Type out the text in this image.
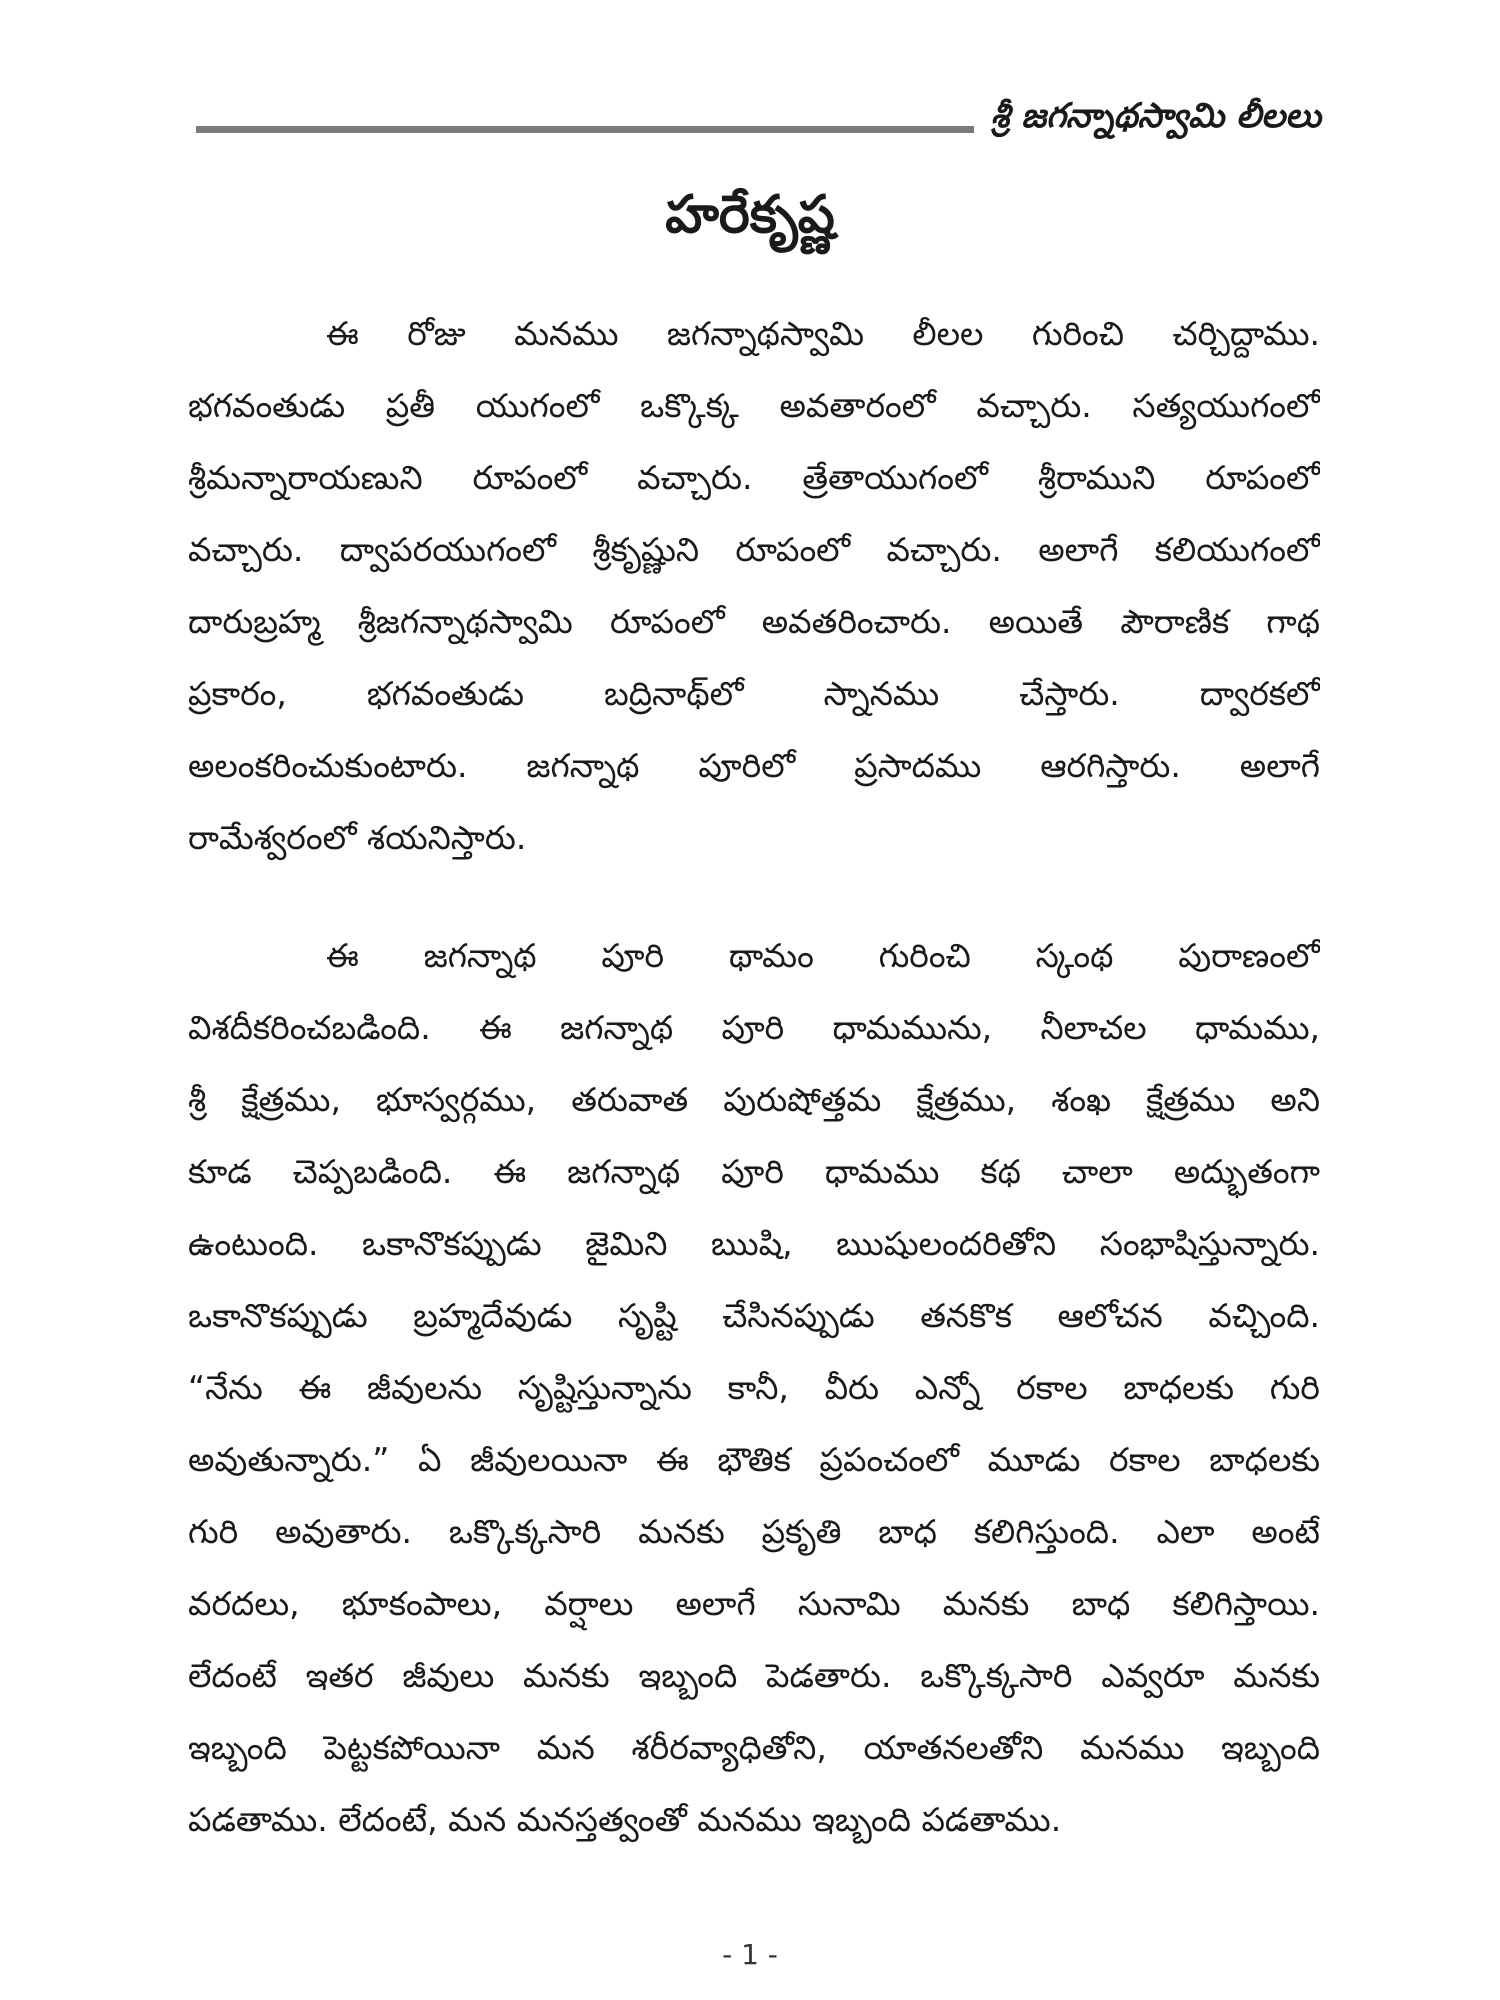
శ్రీ జగన్నాథస్వామి లీలలు
హరేకృష్ణ
ఈ రోజు మనము జగన్నాథస్వామి లీలల గురించి చర్చిద్దాము.
భగవంతుడు ప్రతీ యుగంలో ఒక్కొక్క అవతారంలో వచ్చారు. సత్యయుగంలో
శ్రీమన్నారాయణుని రూపంలో వచ్చారు. త్రేతాయుగంలో శ్రీరాముని రూపంలో
వచ్చారు. ద్వాపరయుగంలో శ్రీకృష్ణుని రూపంలో వచ్చారు. అలాగే కలియుగంలో
దారుబ్రహ్మ శ్రీజగన్నాథస్వామి రూపంలో అవతరించారు. అయితే పౌరాణిక గాథ
ప్రకారం, భగవంతుడు బద్రినాథ్‌లో స్నానము చేస్తారు. ద్వారకలో
అలంకరించుకుంటారు. జగన్నాథ పూరిలో ప్రసాదము ఆరగిస్తారు. అలాగే
రామేశ్వరంలో శయనిస్తారు.
ఈ జగన్నాథ పూరి థామం గురించి స్కంథ పురాణంలో
విశదీకరించబడింది. ఈ జగన్నాథ పూరి ధామమును, నీలాచల ధామము,
శ్రీ క్షేత్రము, భూస్వర్గము, తరువాత పురుషోత్తమ క్షేత్రము, శంఖ క్షేత్రము అని
కూడ చెప్పబడింది. ఈ జగన్నాథ పూరి ధామము కథ చాలా అద్భుతంగా
ఉంటుంది. ఒకానొకప్పుడు జైమిని ఋషి, ఋషులందరితోని సంభాషిస్తున్నారు.
ఒకానొకప్పుడు బ్రహ్మదేవుడు సృష్టి చేసినప్పుడు తనకొక ఆలోచన వచ్చింది.
“నేను ఈ జీవులను సృష్టిస్తున్నాను కానీ, వీరు ఎన్నో రకాల బాధలకు గురి
అవుతున్నారు.” ఏ జీవులయినా ఈ భౌతిక ప్రపంచంలో మూడు రకాల బాధలకు
గురి అవుతారు. ఒక్కొక్కసారి మనకు ప్రకృతి బాధ కలిగిస్తుంది. ఎలా అంటే
వరదలు, భూకంపాలు, వర్షాలు అలాగే సునామి మనకు బాధ కలిగిస్తాయి.
లేదంటే ఇతర జీవులు మనకు ఇబ్బంది పెడతారు. ఒక్కొక్కసారి ఎవ్వరూ మనకు
ఇబ్బంది పెట్టకపోయినా మన శరీరవ్యాధితోని, యాతనలతోని మనము ఇబ్బంది
పడతాము. లేదంటే, మన మనస్తత్వంతో మనము ఇబ్బంది పడతాము.
- 1 -
